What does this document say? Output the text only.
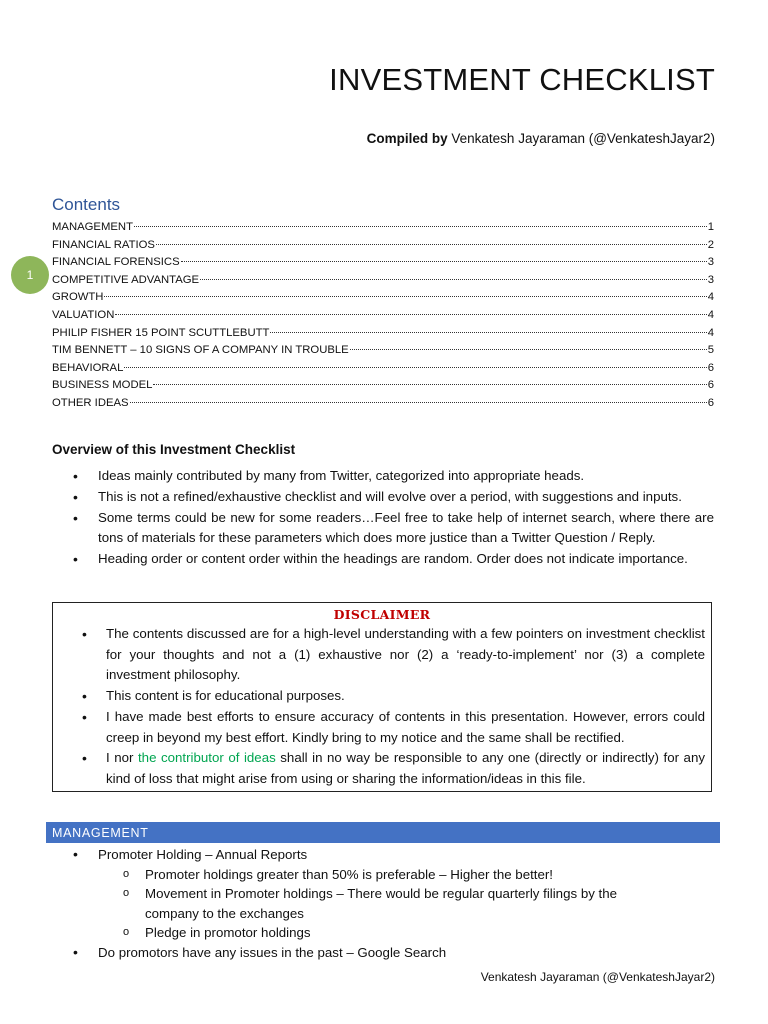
INVESTMENT CHECKLIST
Compiled by Venkatesh Jayaraman (@VenkateshJayar2)
Contents
MANAGEMENT	1
FINANCIAL RATIOS	2
FINANCIAL FORENSICS	3
COMPETITIVE ADVANTAGE	3
GROWTH	4
VALUATION	4
PHILIP FISHER 15 POINT SCUTTLEBUTT	4
TIM BENNETT – 10 SIGNS OF A COMPANY IN TROUBLE	5
BEHAVIORAL	6
BUSINESS MODEL	6
OTHER IDEAS	6
1
Overview of this Investment Checklist
• Ideas mainly contributed by many from Twitter, categorized into appropriate heads.
• This is not a refined/exhaustive checklist and will evolve over a period, with suggestions and inputs.
• Some terms could be new for some readers…Feel free to take help of internet search, where there are tons of materials for these parameters which does more justice than a Twitter Question / Reply.
• Heading order or content order within the headings are random. Order does not indicate importance.
DISCLAIMER
• The contents discussed are for a high-level understanding with a few pointers on investment checklist for your thoughts and not a (1) exhaustive nor (2) a ‘ready-to-implement’ nor (3) a complete investment philosophy.
• This content is for educational purposes.
• I have made best efforts to ensure accuracy of contents in this presentation. However, errors could creep in beyond my best effort. Kindly bring to my notice and the same shall be rectified.
• I nor the contributor of ideas shall in no way be responsible to any one (directly or indirectly) for any kind of loss that might arise from using or sharing the information/ideas in this file.
MANAGEMENT
• Promoter Holding – Annual Reports
o Promoter holdings greater than 50% is preferable – Higher the better!
o Movement in Promoter holdings – There would be regular quarterly filings by the company to the exchanges
o Pledge in promotor holdings
• Do promotors have any issues in the past – Google Search
Venkatesh Jayaraman (@VenkateshJayar2)
